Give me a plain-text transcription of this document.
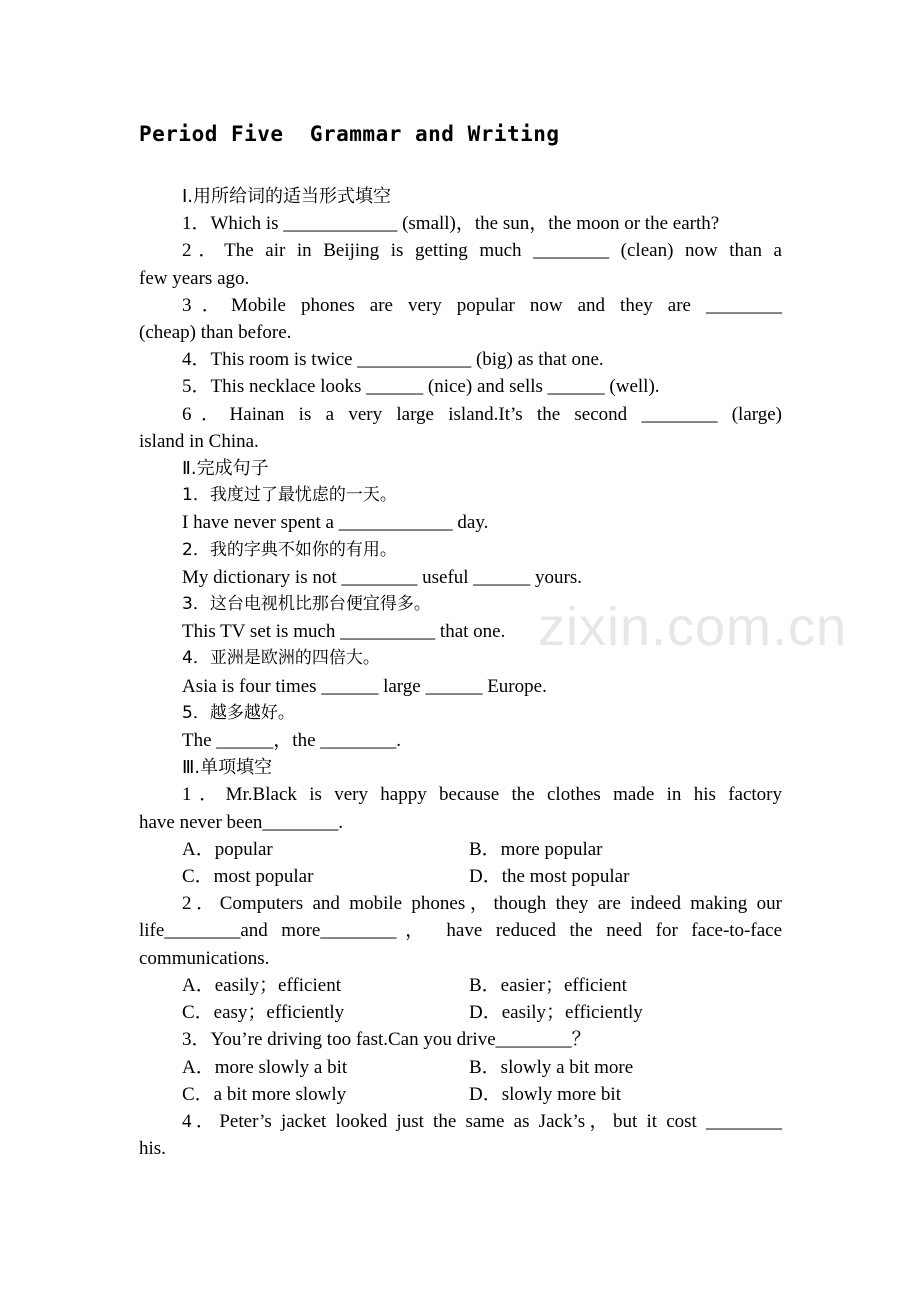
Period Five  Grammar and Writing
Ⅰ.用所给词的适当形式填空
1．Which is ____________ (small)，the sun，the moon or the earth?
2．The air in Beijing is getting much ________ (clean) now than a
few years ago.
3．Mobile phones are very popular now and they are ________
(cheap) than before.
4．This room is twice ____________ (big) as that one.
5．This necklace looks ______ (nice) and sells ______ (well).
6．Hainan is a very large island.It’s the second ________ (large)
island in China.
Ⅱ.完成句子
1．我度过了最忧虑的一天。
I have never spent a ____________ day.
2．我的字典不如你的有用。
My dictionary is not ________ useful ______ yours.
3．这台电视机比那台便宜得多。
This TV set is much __________ that one.
4．亚洲是欧洲的四倍大。
Asia is four times ______ large ______ Europe.
5．越多越好。
The ______，the ________.
Ⅲ.单项填空
1．Mr.Black is very happy because the clothes made in his factory
have never been________.
A．popular	B．more popular
C．most popular	D．the most popular
2．Computers and mobile phones，though they are indeed making our
life________and more________， have reduced the need for face-to-face
communications.
A．easily；efficient	B．easier；efficient
C．easy；efficiently	D．easily；efficiently
3．You’re driving too fast.Can you drive________？
A．more slowly a bit	B．slowly a bit more
C．a bit more slowly	D．slowly more bit
4．Peter’s jacket looked just the same as Jack’s，but it cost ________
his.
zixin.com.cn
